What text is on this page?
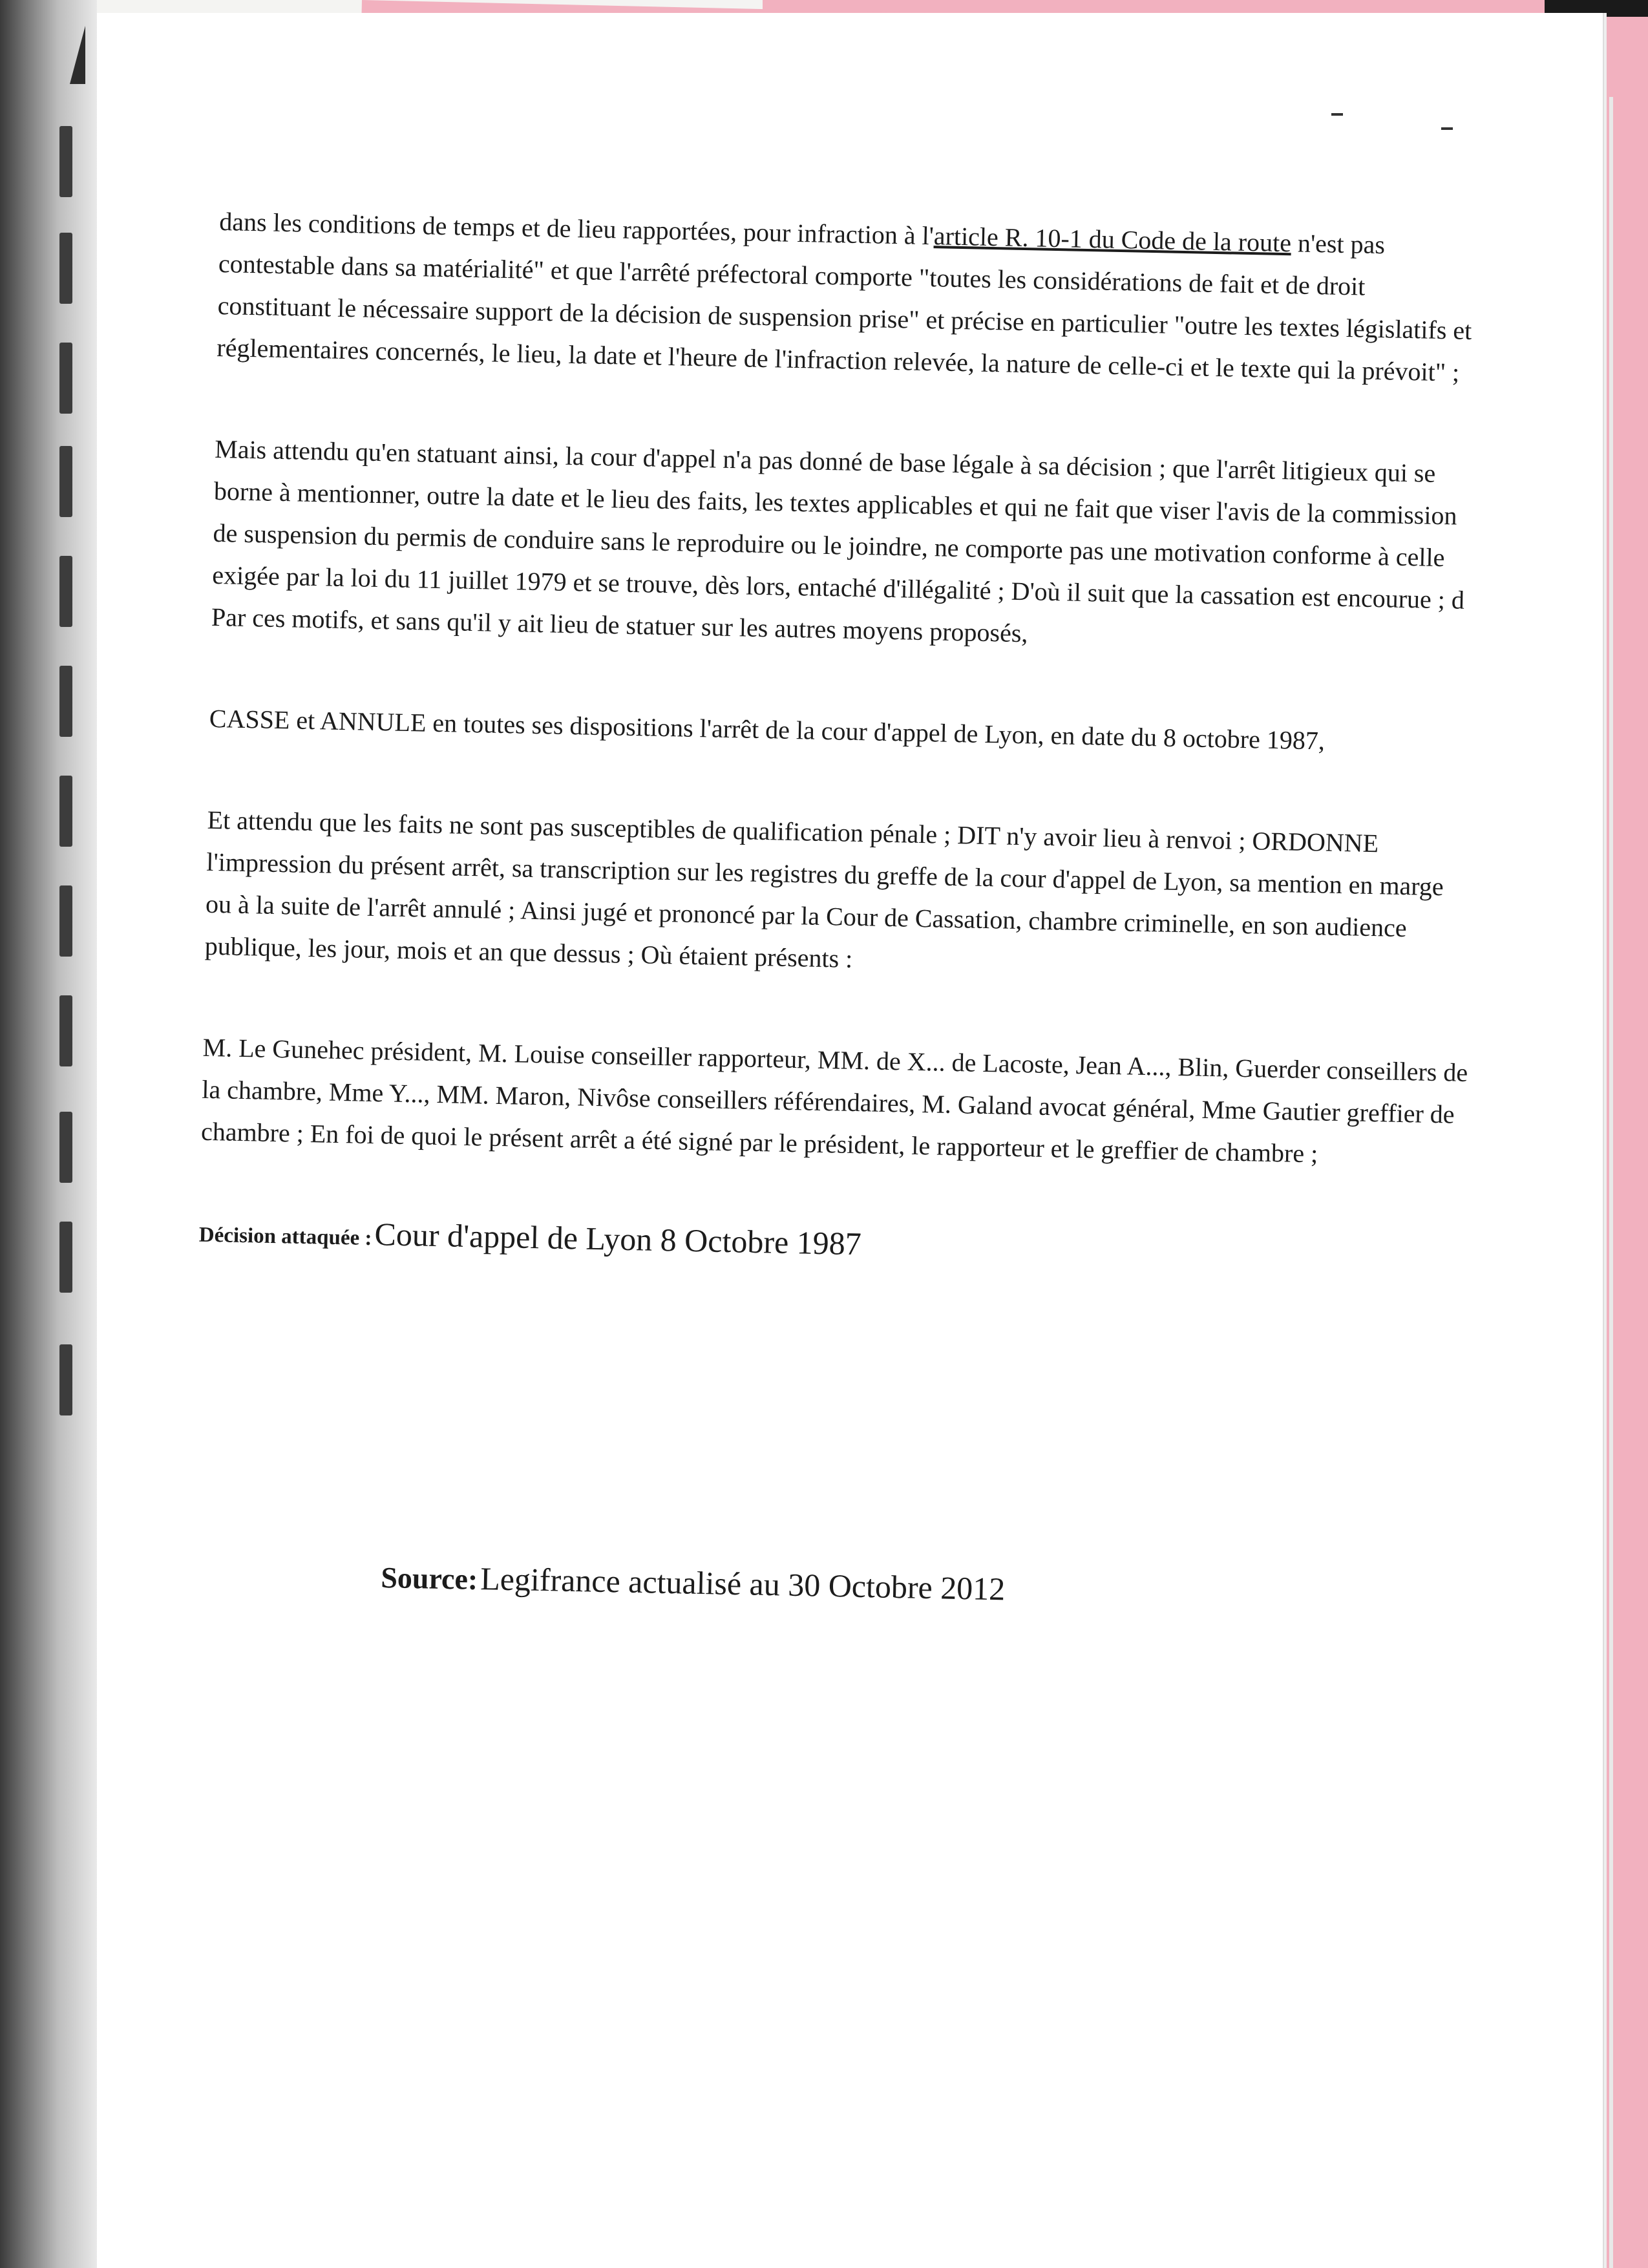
dans les conditions de temps et de lieu rapportées, pour infraction à l'article R. 10-1 du Code de la route n'est pas contestable dans sa matérialité" et que l'arrêté préfectoral comporte "toutes les considérations de fait et de droit constituant le nécessaire support de la décision de suspension prise" et précise en particulier "outre les textes législatifs et réglementaires concernés, le lieu, la date et l'heure de l'infraction relevée, la nature de celle-ci et le texte qui la prévoit" ;

Mais attendu qu'en statuant ainsi, la cour d'appel n'a pas donné de base légale à sa décision ; que l'arrêt litigieux qui se borne à mentionner, outre la date et le lieu des faits, les textes applicables et qui ne fait que viser l'avis de la commission de suspension du permis de conduire sans le reproduire ou le joindre, ne comporte pas une motivation conforme à celle exigée par la loi du 11 juillet 1979 et se trouve, dès lors, entaché d'illégalité ; D'où il suit que la cassation est encourue ; d Par ces motifs, et sans qu'il y ait lieu de statuer sur les autres moyens proposés,

CASSE et ANNULE en toutes ses dispositions l'arrêt de la cour d'appel de Lyon, en date du 8 octobre 1987,

Et attendu que les faits ne sont pas susceptibles de qualification pénale ; DIT n'y avoir lieu à renvoi ; ORDONNE l'impression du présent arrêt, sa transcription sur les registres du greffe de la cour d'appel de Lyon, sa mention en marge ou à la suite de l'arrêt annulé ; Ainsi jugé et prononcé par la Cour de Cassation, chambre criminelle, en son audience publique, les jour, mois et an que dessus ; Où étaient présents :

M. Le Gunehec président, M. Louise conseiller rapporteur, MM. de X... de Lacoste, Jean A..., Blin, Guerder conseillers de la chambre, Mme Y..., MM. Maron, Nivôse conseillers référendaires, M. Galand avocat général, Mme Gautier greffier de chambre ; En foi de quoi le présent arrêt a été signé par le président, le rapporteur et le greffier de chambre ;

Décision attaquée : Cour d'appel de Lyon 8 Octobre 1987
Source: Legifrance actualisé au 30 Octobre 2012
